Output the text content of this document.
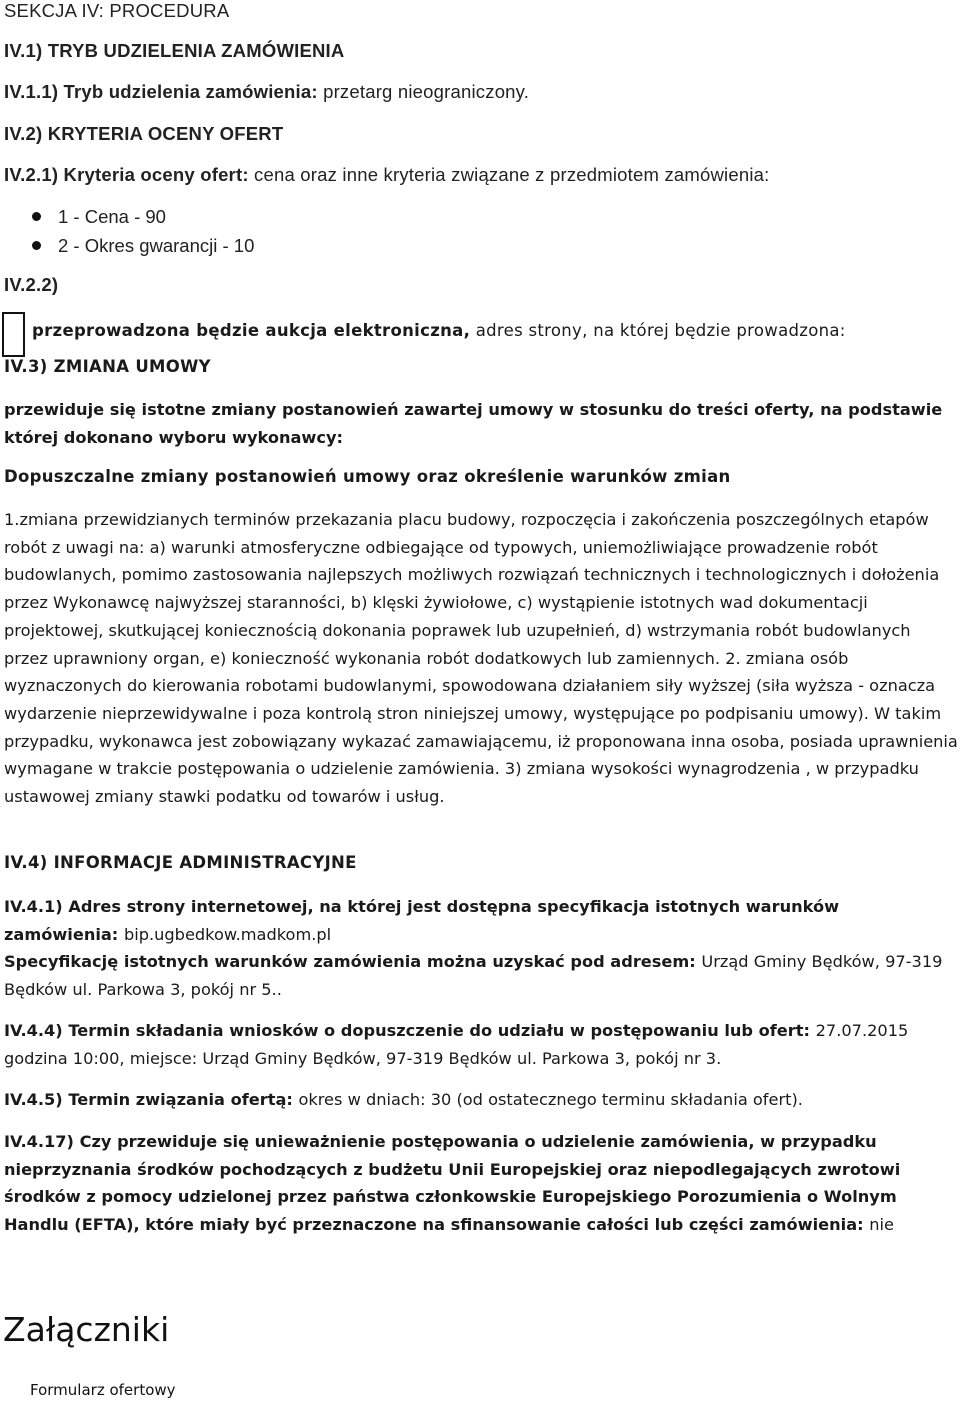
SEKCJA IV: PROCEDURA
IV.1) TRYB UDZIELENIA ZAMÓWIENIA
IV.1.1) Tryb udzielenia zamówienia: przetarg nieograniczony.
IV.2) KRYTERIA OCENY OFERT
IV.2.1) Kryteria oceny ofert: cena oraz inne kryteria związane z przedmiotem zamówienia:
1 - Cena - 90
2 - Okres gwarancji - 10
IV.2.2)
przeprowadzona będzie aukcja elektroniczna, adres strony, na której będzie prowadzona:
IV.3) ZMIANA UMOWY
przewiduje się istotne zmiany postanowień zawartej umowy w stosunku do treści oferty, na podstawie której dokonano wyboru wykonawcy:
Dopuszczalne zmiany postanowień umowy oraz określenie warunków zmian
1.zmiana przewidzianych terminów przekazania placu budowy, rozpoczęcia i zakończenia poszczególnych etapów robót z uwagi na: a) warunki atmosferyczne odbiegające od typowych, uniemożliwiające prowadzenie robót budowlanych, pomimo zastosowania najlepszych możliwych rozwiązań technicznych i technologicznych i dołożenia przez Wykonawcę najwyższej staranności, b) klęski żywiołowe, c) wystąpienie istotnych wad dokumentacji projektowej, skutkującej koniecznością dokonania poprawek lub uzupełnień, d) wstrzymania robót budowlanych przez uprawniony organ, e) konieczność wykonania robót dodatkowych lub zamiennych. 2. zmiana osób wyznaczonych do kierowania robotami budowlanymi, spowodowana działaniem siły wyższej (siła wyższa - oznacza wydarzenie nieprzewidywalne i poza kontrolą stron niniejszej umowy, występujące po podpisaniu umowy). W takim przypadku, wykonawca jest zobowiązany wykazać zamawiającemu, iż proponowana inna osoba, posiada uprawnienia wymagane w trakcie postępowania o udzielenie zamówienia. 3) zmiana wysokości wynagrodzenia , w przypadku ustawowej zmiany stawki podatku od towarów i usług.
IV.4) INFORMACJE ADMINISTRACYJNE
IV.4.1) Adres strony internetowej, na której jest dostępna specyfikacja istotnych warunków zamówienia: bip.ugbedkow.madkom.pl
Specyfikację istotnych warunków zamówienia można uzyskać pod adresem: Urząd Gminy Będków, 97-319 Będków ul. Parkowa 3, pokój nr 5..
IV.4.4) Termin składania wniosków o dopuszczenie do udziału w postępowaniu lub ofert: 27.07.2015 godzina 10:00, miejsce: Urząd Gminy Będków, 97-319 Będków ul. Parkowa 3, pokój nr 3.
IV.4.5) Termin związania ofertą: okres w dniach: 30 (od ostatecznego terminu składania ofert).
IV.4.17) Czy przewiduje się unieważnienie postępowania o udzielenie zamówienia, w przypadku nieprzyznania środków pochodzących z budżetu Unii Europejskiej oraz niepodlegających zwrotowi środków z pomocy udzielonej przez państwa członkowskie Europejskiego Porozumienia o Wolnym Handlu (EFTA), które miały być przeznaczone na sfinansowanie całości lub części zamówienia: nie
Załączniki
Formularz ofertowy
